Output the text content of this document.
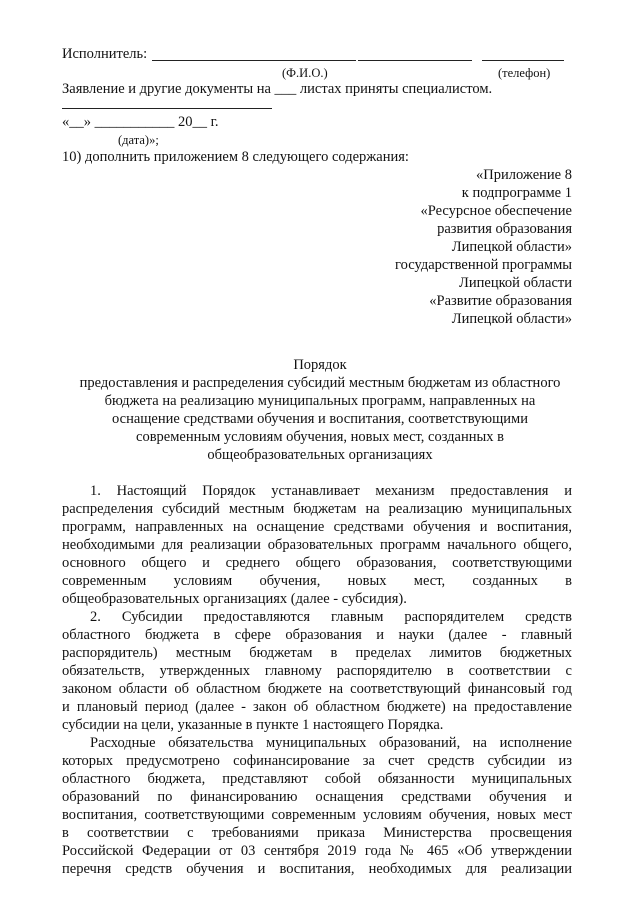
Исполнитель:
(Ф.И.О.)	(телефон)
Заявление и другие документы на ___ листах приняты специалистом.
«__» ___________ 20__ г.
(дата)»;
10) дополнить приложением 8 следующего содержания:
«Приложение 8
к подпрограмме 1
«Ресурсное обеспечение
развития образования
Липецкой области»
государственной программы
Липецкой области
«Развитие образования
Липецкой области»
Порядок
предоставления и распределения субсидий местным бюджетам из областного
бюджета на реализацию муниципальных программ, направленных на
оснащение средствами обучения и воспитания, соответствующими
современным условиям обучения, новых мест, созданных в
общеобразовательных организациях
1. Настоящий Порядок устанавливает механизм предоставления и
распределения субсидий местным бюджетам на реализацию муниципальных
программ, направленных на оснащение средствами обучения и воспитания,
необходимыми для реализации образовательных программ начального общего,
основного общего и среднего общего образования, соответствующими
современным условиям обучения, новых мест, созданных в
общеобразовательных организациях (далее - субсидия).
2. Субсидии предоставляются главным распорядителем средств
областного бюджета в сфере образования и науки (далее - главный
распорядитель) местным бюджетам в пределах лимитов бюджетных
обязательств, утвержденных главному распорядителю в соответствии с
законом области об областном бюджете на соответствующий финансовый год
и плановый период (далее - закон об областном бюджете) на предоставление
субсидии на цели, указанные в пункте 1 настоящего Порядка.
Расходные обязательства муниципальных образований, на исполнение
которых предусмотрено софинансирование за счет средств субсидии из
областного бюджета, представляют собой обязанности муниципальных
образований по финансированию оснащения средствами обучения и
воспитания, соответствующими современным условиям обучения, новых мест
в соответствии с требованиями приказа Министерства просвещения
Российской Федерации от 03 сентября 2019 года № 465 «Об утверждении
перечня средств обучения и воспитания, необходимых для реализации
